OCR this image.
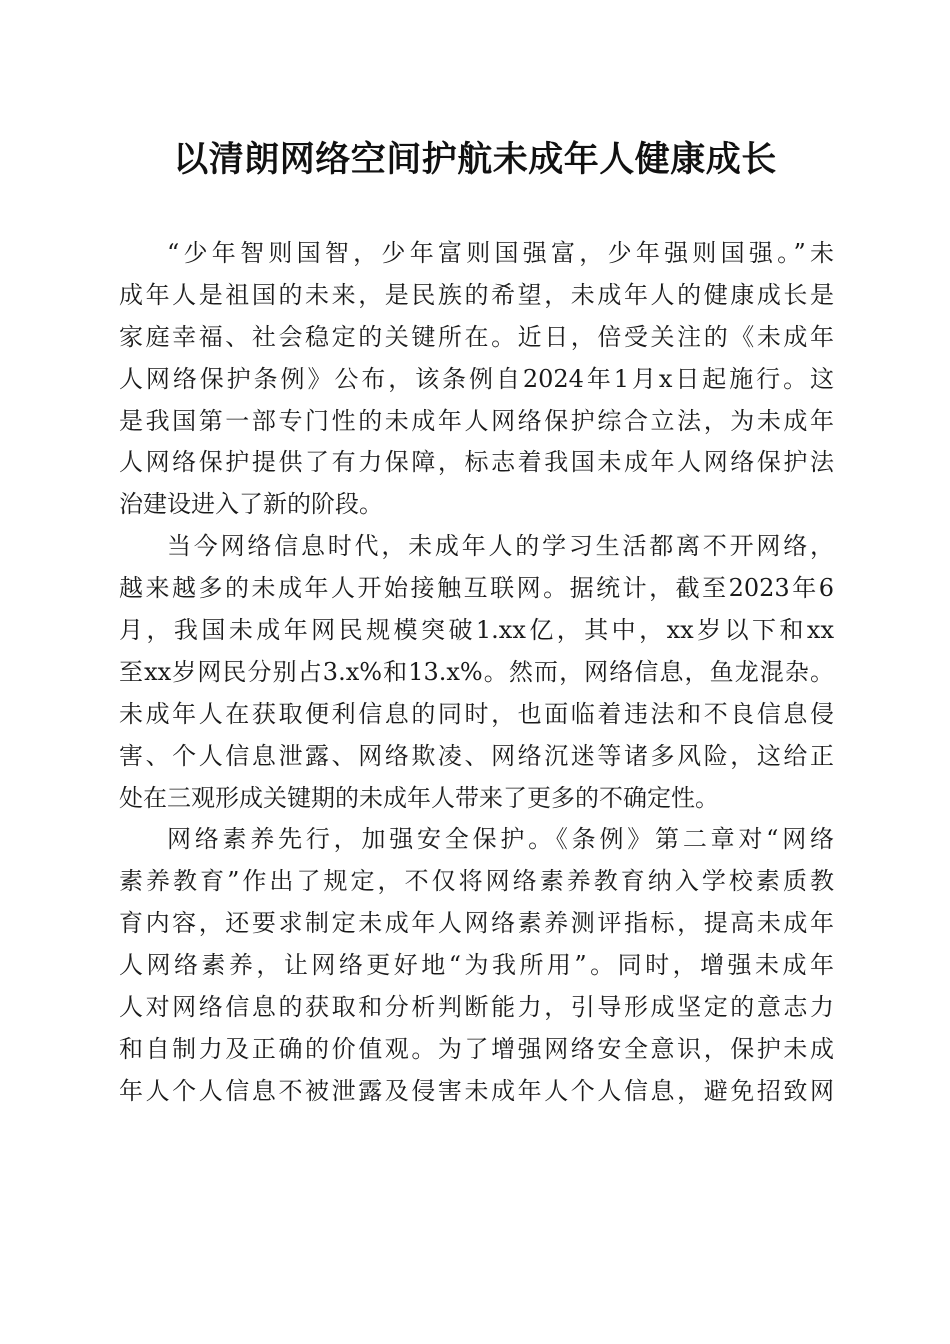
以清朗网络空间护航未成年人健康成长
“少年智则国智，少年富则国强富，少年强则国强。”未
成年人是祖国的未来，是民族的希望，未成年人的健康成长是
家庭幸福、社会稳定的关键所在。近日，倍受关注的《未成年
人网络保护条例》公布，该条例自2024年1月x日起施行。这
是我国第一部专门性的未成年人网络保护综合立法，为未成年
人网络保护提供了有力保障，标志着我国未成年人网络保护法
治建设进入了新的阶段。
当今网络信息时代，未成年人的学习生活都离不开网络，
越来越多的未成年人开始接触互联网。据统计，截至2023年6
月，我国未成年网民规模突破1.xx亿，其中，xx岁以下和xx
至xx岁网民分别占3.x%和13.x%。然而，网络信息，鱼龙混杂。
未成年人在获取便利信息的同时，也面临着违法和不良信息侵
害、个人信息泄露、网络欺凌、网络沉迷等诸多风险，这给正
处在三观形成关键期的未成年人带来了更多的不确定性。
网络素养先行，加强安全保护。《条例》第二章对“网络
素养教育”作出了规定，不仅将网络素养教育纳入学校素质教
育内容，还要求制定未成年人网络素养测评指标，提高未成年
人网络素养，让网络更好地“为我所用”。同时，增强未成年
人对网络信息的获取和分析判断能力，引导形成坚定的意志力
和自制力及正确的价值观。为了增强网络安全意识，保护未成
年人个人信息不被泄露及侵害未成年人个人信息，避免招致网
